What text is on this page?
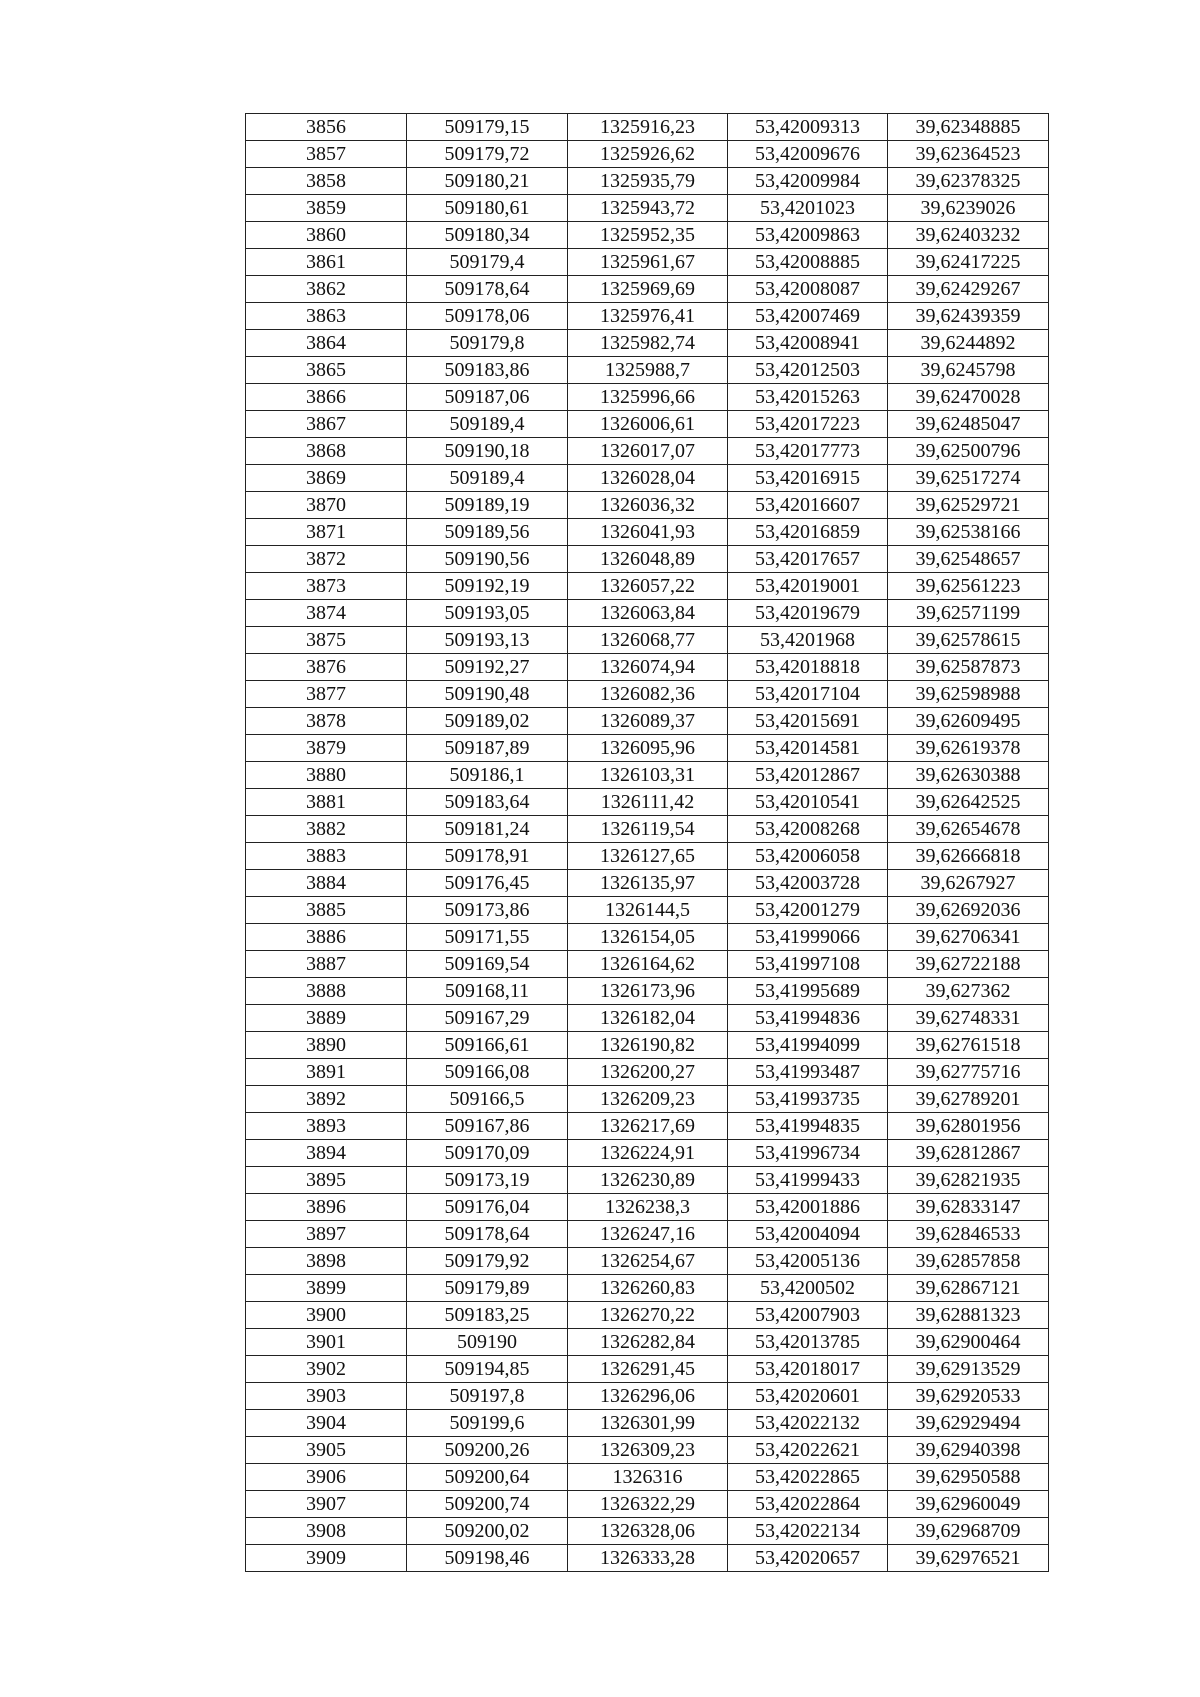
3856	509179,15	1325916,23	53,42009313	39,62348885
3857	509179,72	1325926,62	53,42009676	39,62364523
3858	509180,21	1325935,79	53,42009984	39,62378325
3859	509180,61	1325943,72	53,4201023	39,6239026
3860	509180,34	1325952,35	53,42009863	39,62403232
3861	509179,4	1325961,67	53,42008885	39,62417225
3862	509178,64	1325969,69	53,42008087	39,62429267
3863	509178,06	1325976,41	53,42007469	39,62439359
3864	509179,8	1325982,74	53,42008941	39,6244892
3865	509183,86	1325988,7	53,42012503	39,6245798
3866	509187,06	1325996,66	53,42015263	39,62470028
3867	509189,4	1326006,61	53,42017223	39,62485047
3868	509190,18	1326017,07	53,42017773	39,62500796
3869	509189,4	1326028,04	53,42016915	39,62517274
3870	509189,19	1326036,32	53,42016607	39,62529721
3871	509189,56	1326041,93	53,42016859	39,62538166
3872	509190,56	1326048,89	53,42017657	39,62548657
3873	509192,19	1326057,22	53,42019001	39,62561223
3874	509193,05	1326063,84	53,42019679	39,62571199
3875	509193,13	1326068,77	53,4201968	39,62578615
3876	509192,27	1326074,94	53,42018818	39,62587873
3877	509190,48	1326082,36	53,42017104	39,62598988
3878	509189,02	1326089,37	53,42015691	39,62609495
3879	509187,89	1326095,96	53,42014581	39,62619378
3880	509186,1	1326103,31	53,42012867	39,62630388
3881	509183,64	1326111,42	53,42010541	39,62642525
3882	509181,24	1326119,54	53,42008268	39,62654678
3883	509178,91	1326127,65	53,42006058	39,62666818
3884	509176,45	1326135,97	53,42003728	39,6267927
3885	509173,86	1326144,5	53,42001279	39,62692036
3886	509171,55	1326154,05	53,41999066	39,62706341
3887	509169,54	1326164,62	53,41997108	39,62722188
3888	509168,11	1326173,96	53,41995689	39,627362
3889	509167,29	1326182,04	53,41994836	39,62748331
3890	509166,61	1326190,82	53,41994099	39,62761518
3891	509166,08	1326200,27	53,41993487	39,62775716
3892	509166,5	1326209,23	53,41993735	39,62789201
3893	509167,86	1326217,69	53,41994835	39,62801956
3894	509170,09	1326224,91	53,41996734	39,62812867
3895	509173,19	1326230,89	53,41999433	39,62821935
3896	509176,04	1326238,3	53,42001886	39,62833147
3897	509178,64	1326247,16	53,42004094	39,62846533
3898	509179,92	1326254,67	53,42005136	39,62857858
3899	509179,89	1326260,83	53,4200502	39,62867121
3900	509183,25	1326270,22	53,42007903	39,62881323
3901	509190	1326282,84	53,42013785	39,62900464
3902	509194,85	1326291,45	53,42018017	39,62913529
3903	509197,8	1326296,06	53,42020601	39,62920533
3904	509199,6	1326301,99	53,42022132	39,62929494
3905	509200,26	1326309,23	53,42022621	39,62940398
3906	509200,64	1326316	53,42022865	39,62950588
3907	509200,74	1326322,29	53,42022864	39,62960049
3908	509200,02	1326328,06	53,42022134	39,62968709
3909	509198,46	1326333,28	53,42020657	39,62976521
